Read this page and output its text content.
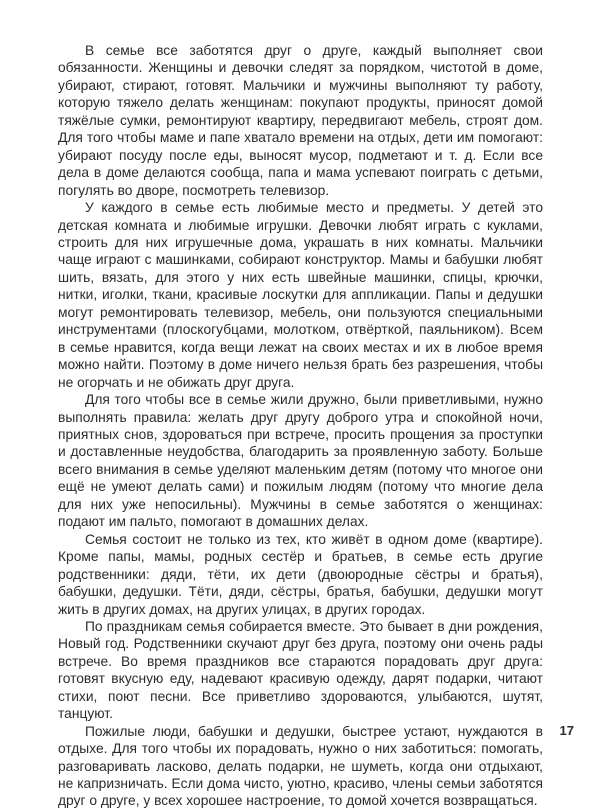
В семье все заботятся друг о друге, каждый выполняет свои обязанности. Женщины и девочки следят за порядком, чистотой в доме, убирают, стирают, готовят. Мальчики и мужчины выполняют ту работу, которую тяжело делать женщинам: покупают продукты, приносят домой тяжёлые сумки, ремонтируют квартиру, передвигают мебель, строят дом. Для того чтобы маме и папе хватало времени на отдых, дети им помогают: убирают посуду после еды, выносят мусор, подметают и т. д. Если все дела в доме делаются сообща, папа и мама успевают поиграть с детьми, погулять во дворе, посмотреть телевизор.

У каждого в семье есть любимые место и предметы. У детей это детская комната и любимые игрушки. Девочки любят играть с куклами, строить для них игрушечные дома, украшать в них комнаты. Мальчики чаще играют с машинками, собирают конструктор. Мамы и бабушки любят шить, вязать, для этого у них есть швейные машинки, спицы, крючки, нитки, иголки, ткани, красивые лоскутки для аппликации. Папы и дедушки могут ремонтировать телевизор, мебель, они пользуются специальными инструментами (плоскогубцами, молотком, отвёрткой, паяльником). Всем в семье нравится, когда вещи лежат на своих местах и их в любое время можно найти. Поэтому в доме ничего нельзя брать без разрешения, чтобы не огорчать и не обижать друг друга.

Для того чтобы все в семье жили дружно, были приветливыми, нужно выполнять правила: желать друг другу доброго утра и спокойной ночи, приятных снов, здороваться при встрече, просить прощения за проступки и доставленные неудобства, благодарить за проявленную заботу. Больше всего внимания в семье уделяют маленьким детям (потому что многое они ещё не умеют делать сами) и пожилым людям (потому что многие дела для них уже непосильны). Мужчины в семье заботятся о женщинах: подают им пальто, помогают в домашних делах.

Семья состоит не только из тех, кто живёт в одном доме (квартире). Кроме папы, мамы, родных сестёр и братьев, в семье есть другие родственники: дяди, тёти, их дети (двоюродные сёстры и братья), бабушки, дедушки. Тёти, дяди, сёстры, братья, бабушки, дедушки могут жить в других домах, на других улицах, в других городах.

По праздникам семья собирается вместе. Это бывает в дни рождения, Новый год. Родственники скучают друг без друга, поэтому они очень рады встрече. Во время праздников все стараются порадовать друг друга: готовят вкусную еду, надевают красивую одежду, дарят подарки, читают стихи, поют песни. Все приветливо здороваются, улыбаются, шутят, танцуют.

Пожилые люди, бабушки и дедушки, быстрее устают, нуждаются в отдыхе. Для того чтобы их порадовать, нужно о них заботиться: помогать, разговаривать ласково, делать подарки, не шуметь, когда они отдыхают, не капризничать. Если дома чисто, уютно, красиво, члены семьи заботятся друг о друге, у всех хорошее настроение, то домой хочется возвращаться.

17
